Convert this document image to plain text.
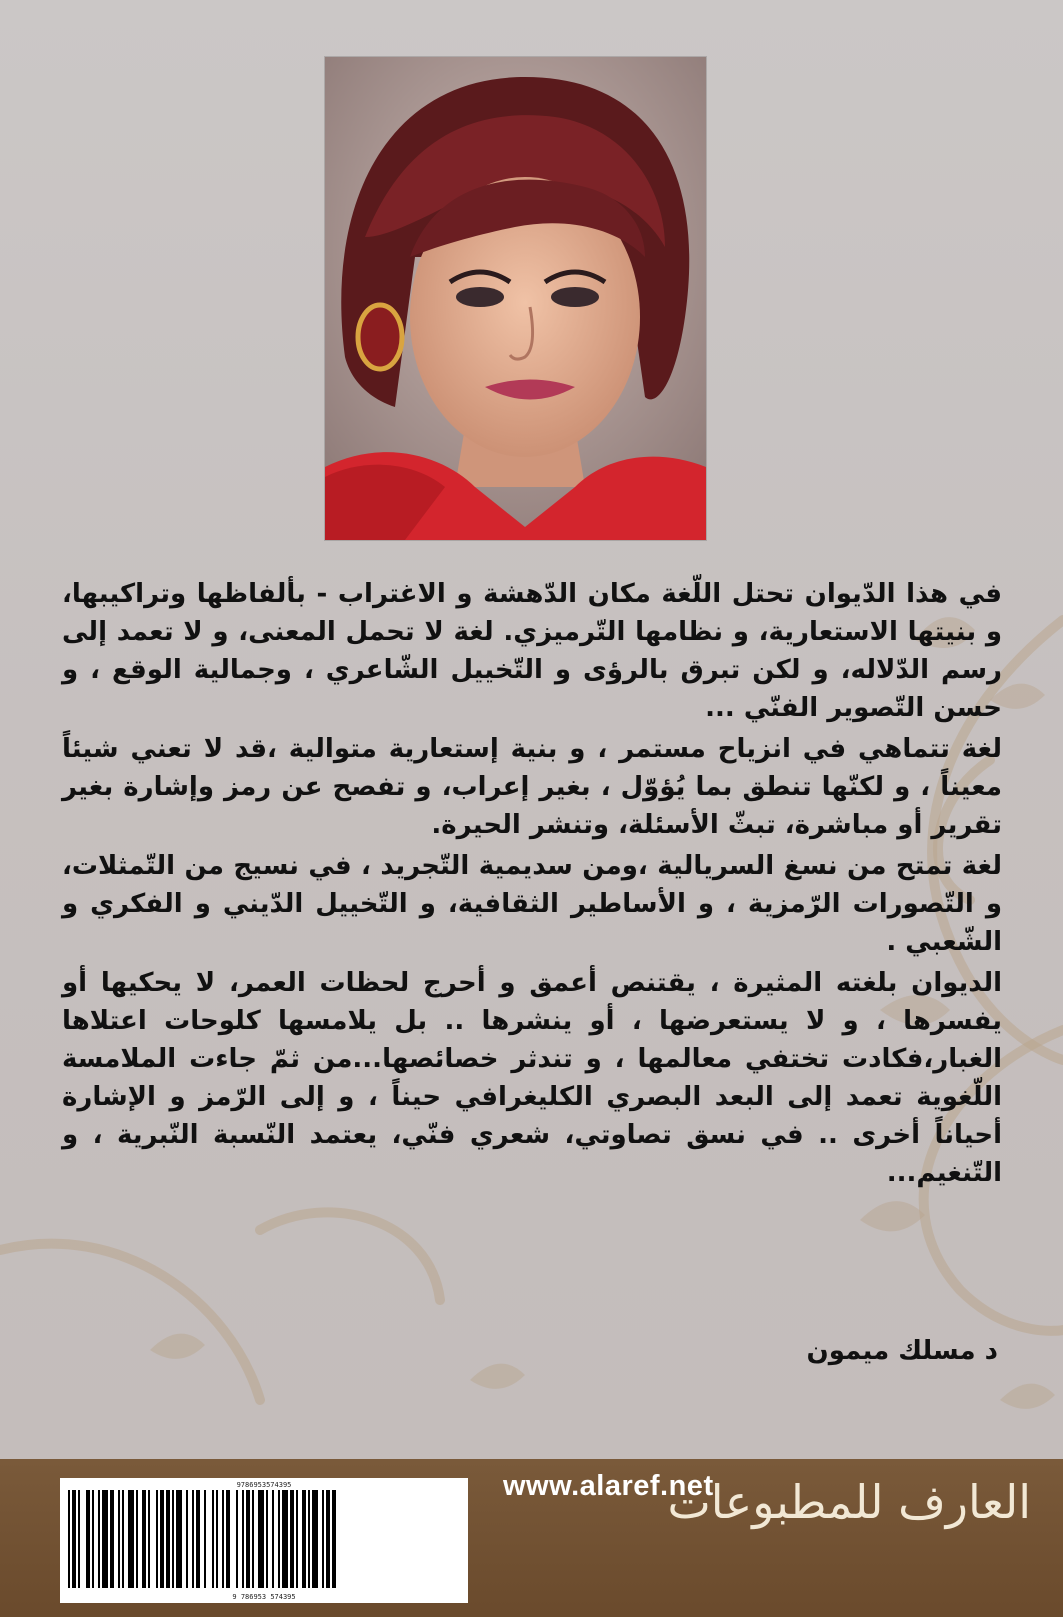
في هذا الدّيوان تحتل اللّغة مكان الدّهشة و الاغتراب - بألفاظها وتراكيبها، و بنيتها الاستعارية، و نظامها التّرميزي. لغة لا تحمل المعنى، و لا تعمد إلى رسم الدّلاله، و لكن تبرق بالرؤى و التّخييل الشّاعري ، وجمالية الوقع ، و حسن التّصوير الفنّي ...

لغة تتماهي في انزياح مستمر ، و بنية إستعارية متوالية ،قد لا تعني شيئاً معيناً ، و لكنّها تنطق بما يُؤوّل ، بغير إعراب، و تفصح عن رمز وإشارة بغير تقرير أو مباشرة، تبثّ الأسئلة، وتنشر الحيرة.

لغة تمتح من نسغ السريالية ،ومن سديمية التّجريد ، في نسيج من التّمثلات، و التّصورات الرّمزية ، و الأساطير الثقافية، و التّخييل الدّيني و الفكري و الشّعبي .

الديوان بلغته المثيرة ، يقتنص أعمق و أحرج لحظات العمر، لا يحكيها أو يفسرها ، و لا يستعرضها ، أو ينشرها .. بل يلامسها كلوحات اعتلاها الغبار،فكادت تختفي معالمها ، و تندثر خصائصها...من ثمّ جاءت الملامسة اللّغوية تعمد إلى البعد البصري الكليغرافي حيناً ، و إلى الرّمز و الإشارة أحياناً أخرى .. في نسق تصاوتي، شعري فنّي، يعتمد النّسبة النّبرية ، و التّنغيم...

د مسلك ميمون
9786953574395
9 786953 574395
www.alaref.net
العارف للمطبوعات
